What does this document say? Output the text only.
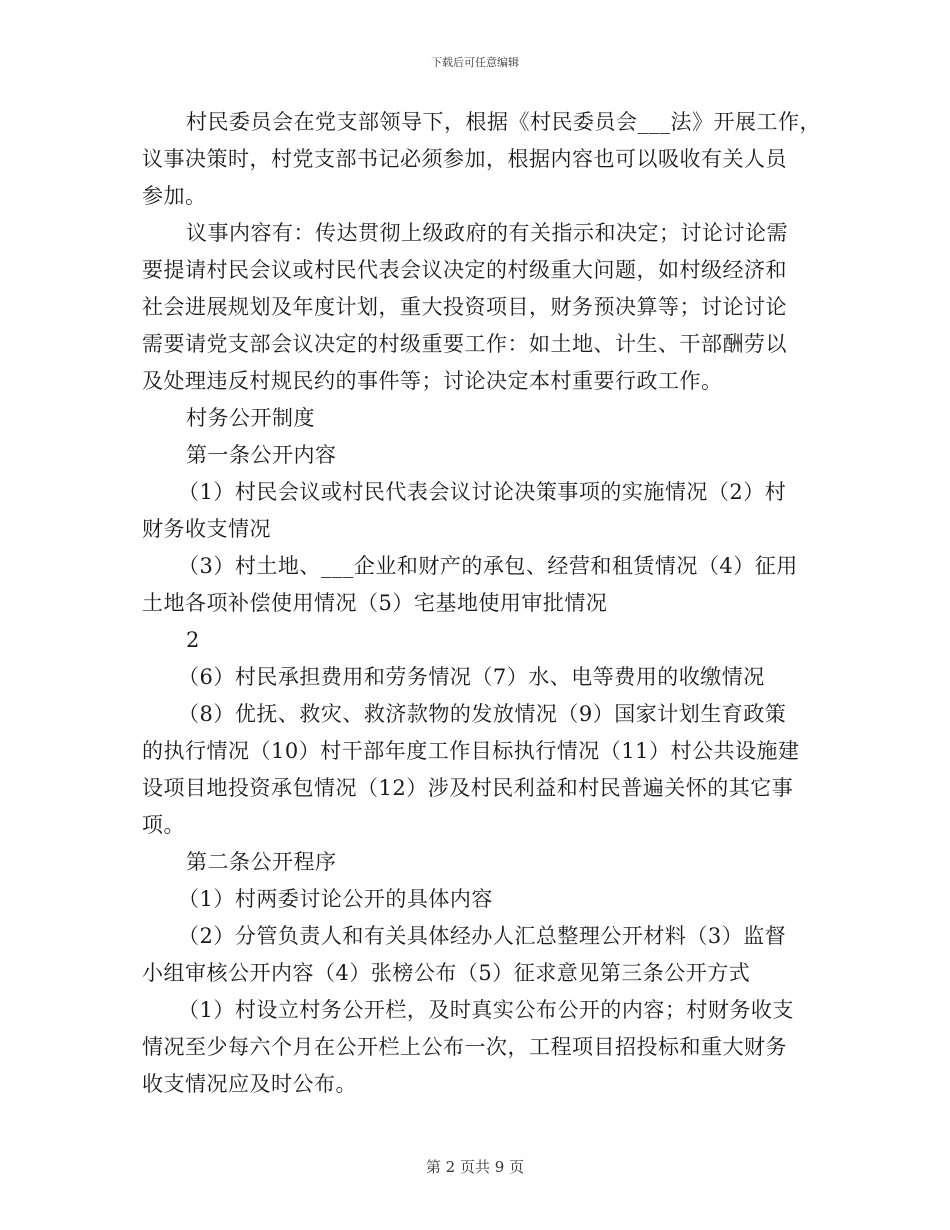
下载后可任意编辑
村民委员会在党支部领导下，根据《村民委员会___法》开展工作，
议事决策时，村党支部书记必须参加，根据内容也可以吸收有关人员
参加。
议事内容有：传达贯彻上级政府的有关指示和决定；讨论讨论需
要提请村民会议或村民代表会议决定的村级重大问题，如村级经济和
社会进展规划及年度计划，重大投资项目，财务预决算等；讨论讨论
需要请党支部会议决定的村级重要工作：如土地、计生、干部酬劳以
及处理违反村规民约的事件等；讨论决定本村重要行政工作。
村务公开制度
第一条公开内容
（1）村民会议或村民代表会议讨论决策事项的实施情况（2）村
财务收支情况
（3）村土地、___企业和财产的承包、经营和租赁情况（4）征用
土地各项补偿使用情况（5）宅基地使用审批情况
2
（6）村民承担费用和劳务情况（7）水、电等费用的收缴情况
（8）优抚、救灾、救济款物的发放情况（9）国家计划生育政策
的执行情况（10）村干部年度工作目标执行情况（11）村公共设施建
设项目地投资承包情况（12）涉及村民利益和村民普遍关怀的其它事
项。
第二条公开程序
（1）村两委讨论公开的具体内容
（2）分管负责人和有关具体经办人汇总整理公开材料（3）监督
小组审核公开内容（4）张榜公布（5）征求意见第三条公开方式
（1）村设立村务公开栏，及时真实公布公开的内容；村财务收支
情况至少每六个月在公开栏上公布一次，工程项目招投标和重大财务
收支情况应及时公布。
第 2 页共 9 页
